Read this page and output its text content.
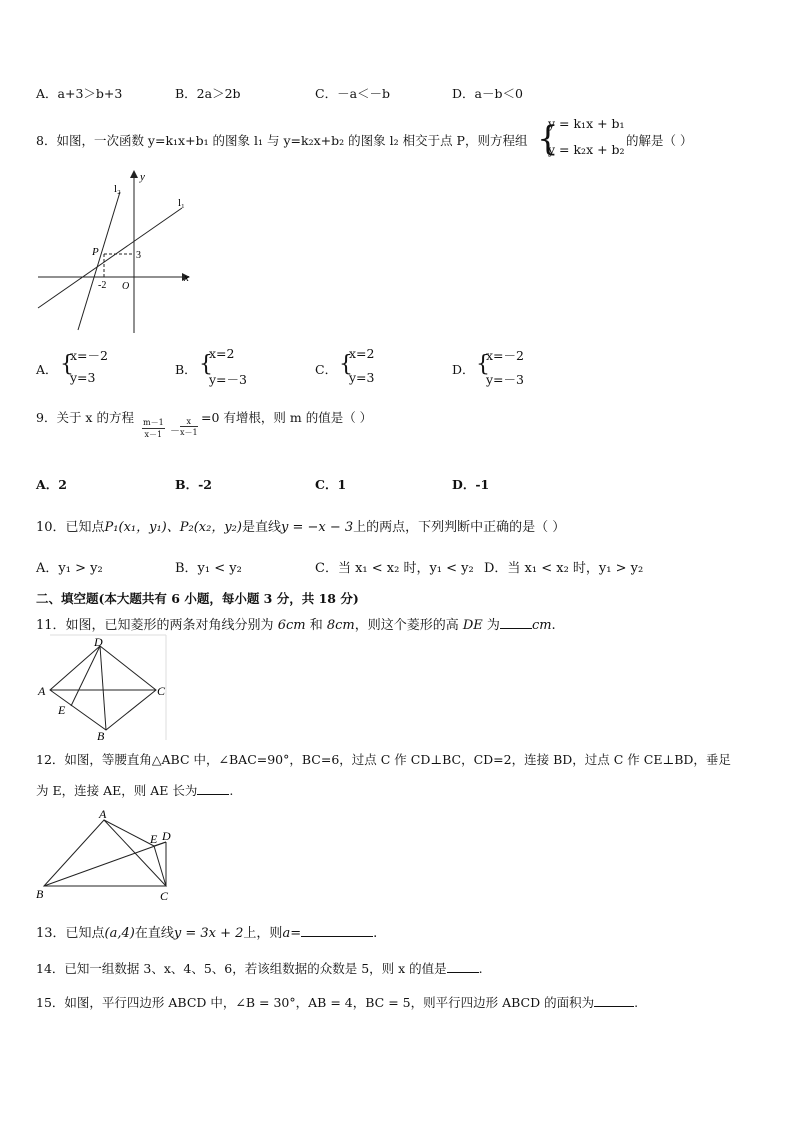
A．a+3＞b+3	B．2a＞2b	C．－a＜－b	D．a－b＜0
8．如图，一次函数 y=k₁x+b₁ 的图象 l₁ 与 y=k₂x+b₂ 的图象 l₂ 相交于点 P，则方程组 {
y = k₁x + b₁
y = k₂x + b₂
的解是（ ）
y
x
l₂
l₁
P	3
-2 O
A． {
x=－2
y=3
B． {
x=2
y=－3
C． {
x=2
y=3
D． {
x=－2
y=－3
9．关于 x 的方程 $\frac{m-1}{x-1} - \frac{x}{x-1} =0$ 有增根，则 m 的值是（ ）
A．2	B．-2	C．1	D．-1
10．已知点P₁(x₁，y₁)、P₂(x₂，y₂)是直线y = −x − 3上的两点，下列判断中正确的是（ ）
A．y₁ > y₂	B．y₁ < y₂	C．当 x₁ < x₂ 时，y₁ < y₂ D．当 x₁ < x₂ 时，y₁ > y₂
二、填空题(本大题共有 6 小题，每小题 3 分，共 18 分)
11．如图，已知菱形的两条对角线分别为 6cm 和 8cm，则这个菱形的高 DE 为 cm.
D
A	C
E
B
12．如图，等腰直角△ABC 中，∠BAC=90°，BC=6，过点 C 作 CD⊥BC，CD=2，连接 BD，过点 C 作 CE⊥BD，垂足
为 E，连接 AE，则 AE 长为	.
A
E D
B	C
13．已知点(a,4)在直线y = 3x + 2上，则a=	.
14．已知一组数据 3、x、4、5、6，若该组数据的众数是 5，则 x 的值是	.
15．如图，平行四边形 ABCD 中，∠B = 30°，AB = 4，BC = 5，则平行四边形 ABCD 的面积为	.
